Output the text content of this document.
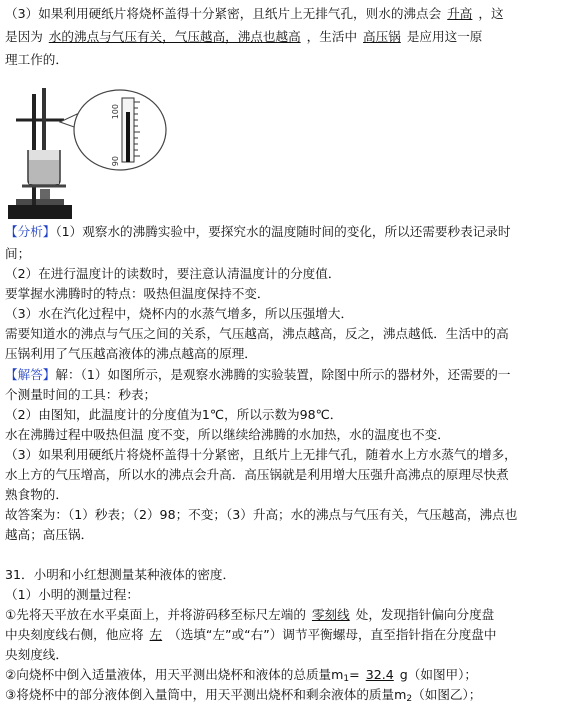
（3）如果利用硬纸片将烧杯盖得十分紧密，且纸片上无排气孔，则水的沸点会 升高 ，这
是因为 水的沸点与气压有关，气压越高，沸点也越高 ，生活中 高压锅 是应用这一原
理工作的．
100
90
【分析】（1）观察水的沸腾实验中，要探究水的温度随时间的变化，所以还需要秒表记录时
间；
（2）在进行温度计的读数时，要注意认清温度计的分度值．
要掌握水沸腾时的特点：吸热但温度保持不变．
（3）水在汽化过程中，烧杯内的水蒸气增多，所以压强增大．
需要知道水的沸点与气压之间的关系，气压越高，沸点越高，反之，沸点越低．生活中的高
压锅利用了气压越高液体的沸点越高的原理．
【解答】解：（1）如图所示，是观察水沸腾的实验装置，除图中所示的器材外，还需要的一
个测量时间的工具：秒表；
（2）由图知，此温度计的分度值为1℃，所以示数为98℃．
水在沸腾过程中吸热但温 度不变，所以继续给沸腾的水加热，水的温度也不变．
（3）如果利用硬纸片将烧杯盖得十分紧密，且纸片上无排气孔，随着水上方水蒸气的增多，
水上方的气压增高，所以水的沸点会升高．高压锅就是利用增大压强升高沸点的原理尽快煮
熟食物的．
故答案为：（1）秒表；（2）98；不变；（3）升高；水的沸点与气压有关，气压越高，沸点也
越高；高压锅．
31．小明和小红想测量某种液体的密度．
（1）小明的测量过程：
①先将天平放在水平桌面上，并将游码移至标尺左端的 零刻线 处，发现指针偏向分度盘
中央刻度线右侧，他应将 左 （选填“左”或“右”）调节平衡螺母，直至指针指在分度盘中
央刻度线．
②向烧杯中倒入适量液体，用天平测出烧杯和液体的总质量$m_1= 32.4$ g（如图甲）；
③将烧杯中的部分液体倒入量筒中，用天平测出烧杯和剩余液体的质量$m_2$（如图乙）；
